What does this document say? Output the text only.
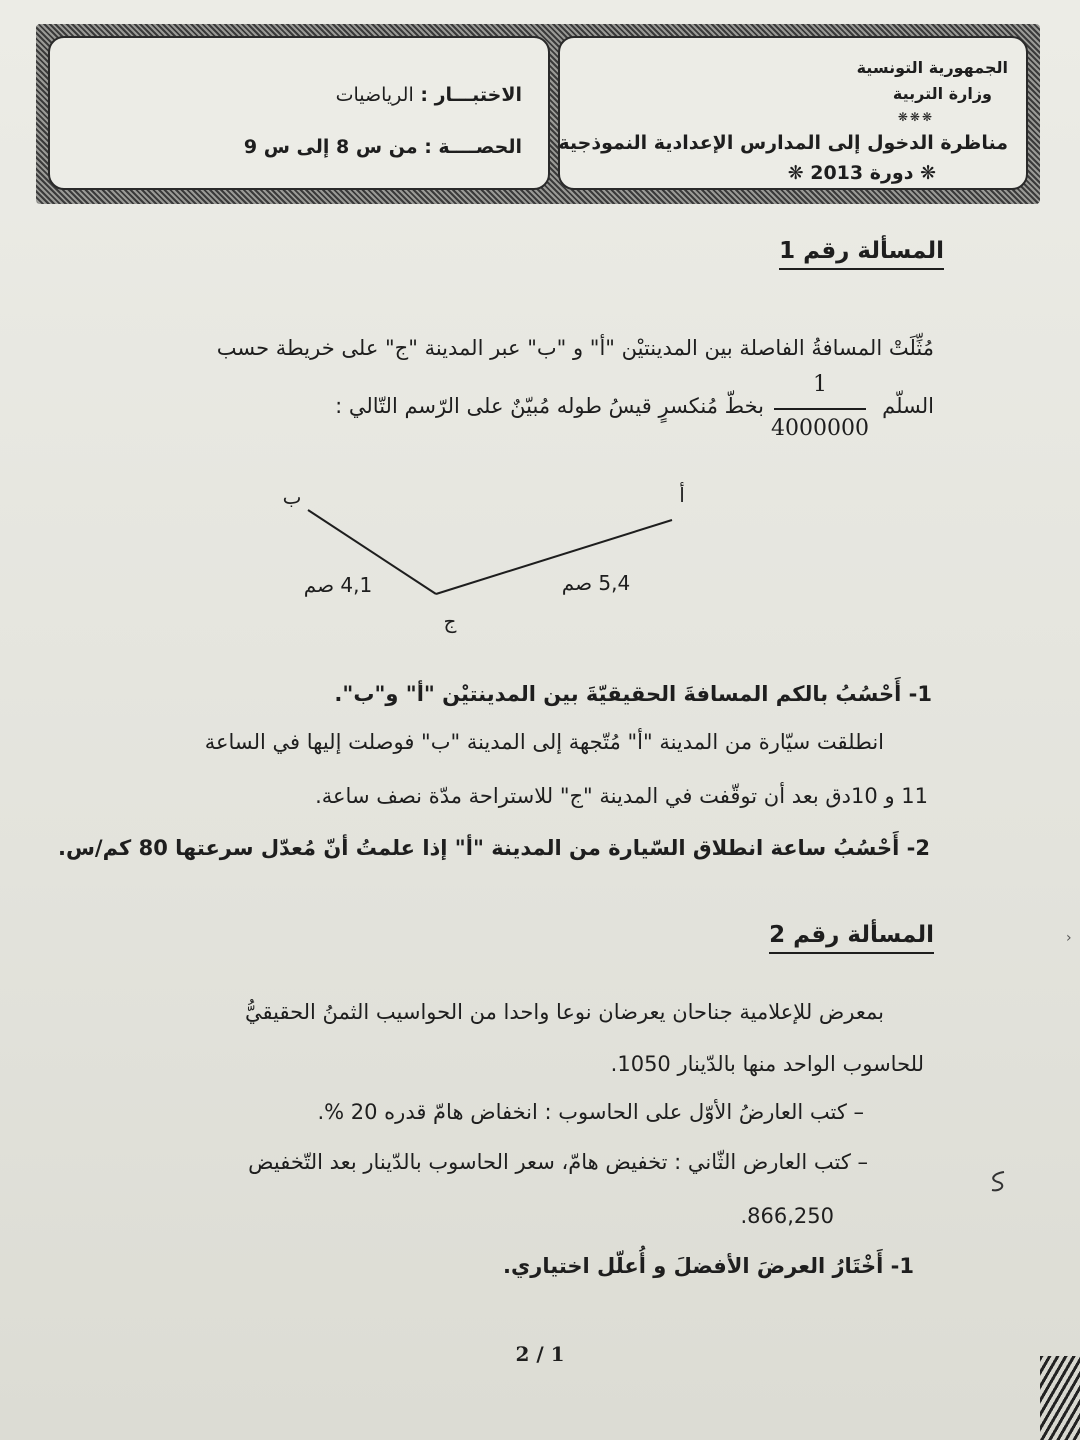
الجمهورية التونسية
وزارة التربية
❋❋❋
مناظرة الدخول إلى المدارس الإعدادية النموذجية
❋ دورة 2013 ❋
الاختبـــار : الرياضيات
الحصــــة : من س 8 إلى س 9
المسألة رقم 1
مُثِّلَتْ المسافةُ الفاصلة بين المدينتيْن "أ" و "ب" عبر المدينة "ج" على خريطة حسب
السلّم
1
4000000
بخطّ مُنكسرٍ قيسُ طوله مُبيّنٌ على الرّسم التّالي :
أ
ب
ج
5,4 صم
4,1 صم
1- أَحْسُبُ بالكم المسافةَ الحقيقيّةَ بين المدينتيْن "أ" و"ب".
انطلقت سيّارة من المدينة "أ" مُتّجهة إلى المدينة "ب" فوصلت إليها في الساعة
11 و 10دق بعد أن توقّفت في المدينة "ج" للاستراحة مدّة نصف ساعة.
2- أَحْسُبُ ساعة انطلاق السّيارة من المدينة "أ" إذا علمتُ أنّ مُعدّل سرعتها 80 كم/س.
المسألة رقم 2
بمعرض للإعلامية جناحان يعرضان نوعا واحدا من الحواسيب الثمنُ الحقيقيُّ
للحاسوب الواحد منها بالدّينار 1050.
– كتب العارضُ الأوّل على الحاسوب : انخفاض هامّ قدره 20 %.
– كتب العارض الثّاني : تخفيض هامّ، سعر الحاسوب بالدّينار بعد التّخفيض
866,250.
1- أَخْتَارُ العرضَ الأفضلَ و أُعلّل اختياري.
2 / 1
›
